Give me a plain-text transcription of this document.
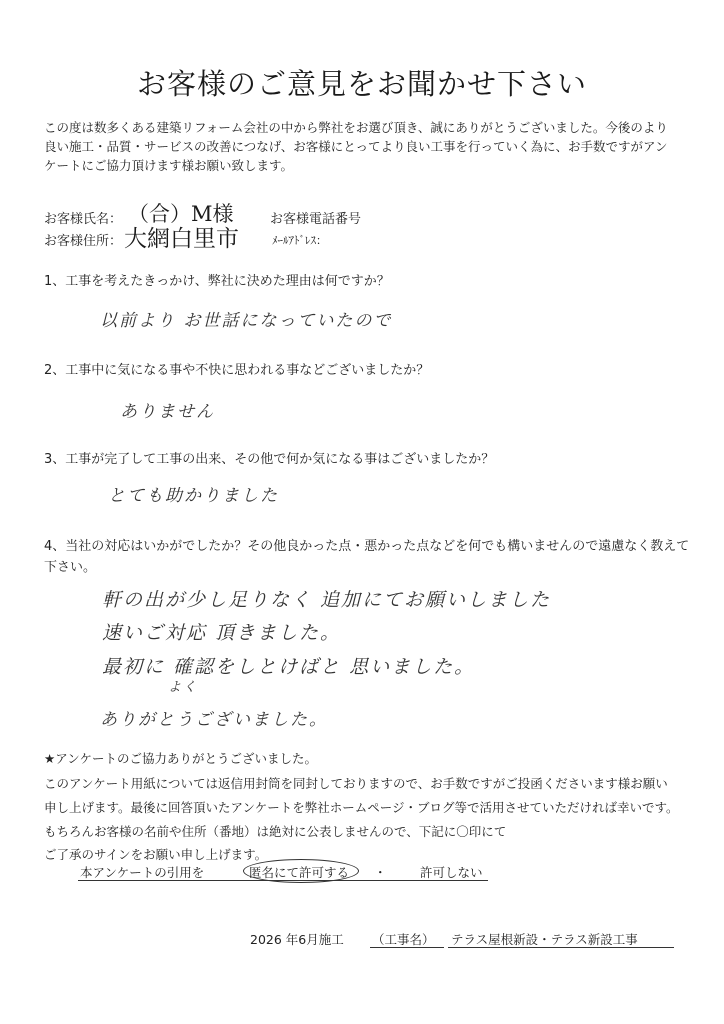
お客様のご意見をお聞かせ下さい
この度は数多くある建築リフォーム会社の中から弊社をお選び頂き、誠にありがとうございました。今後のより
良い施工・品質・サービスの改善につなげ、お客様にとってより良い工事を行っていく為に、お手数ですがアン
ケートにご協力頂けます様お願い致します。
お客様氏名： （合）M様	お客様電話番号
お客様住所： 大網白里市	ﾒｰﾙｱﾄﾞﾚｽ：
1、工事を考えたきっかけ、弊社に決めた理由は何ですか？
以前より お世話になっていたので
2、工事中に気になる事や不快に思われる事などございましたか？
ありません
3、工事が完了して工事の出来、その他で何か気になる事はございましたか？
とても助かりました
4、当社の対応はいかがでしたか？その他良かった点・悪かった点などを何でも構いませんので遠慮なく教えて
下さい。
軒の出が少し足りなく 追加にてお願いしました
速いご対応 頂きました。
最初に 確認をしとけばと 思いました。
よく
ありがとうございました。
★アンケートのご協力ありがとうございました。
このアンケート用紙については返信用封筒を同封しておりますので、お手数ですがご投函くださいます様お願い
申し上げます。最後に回答頂いたアンケートを弊社ホームページ・ブログ等で活用させていただければ幸いです。
もちろんお客様の名前や住所（番地）は絶対に公表しませんので、下記に〇印にて
ご了承のサインをお願い申し上げます。
本アンケートの引用を	匿名にて許可する ・	許可しない
2026 年6月施工 （工事名） テラス屋根新設・テラス新設工事
